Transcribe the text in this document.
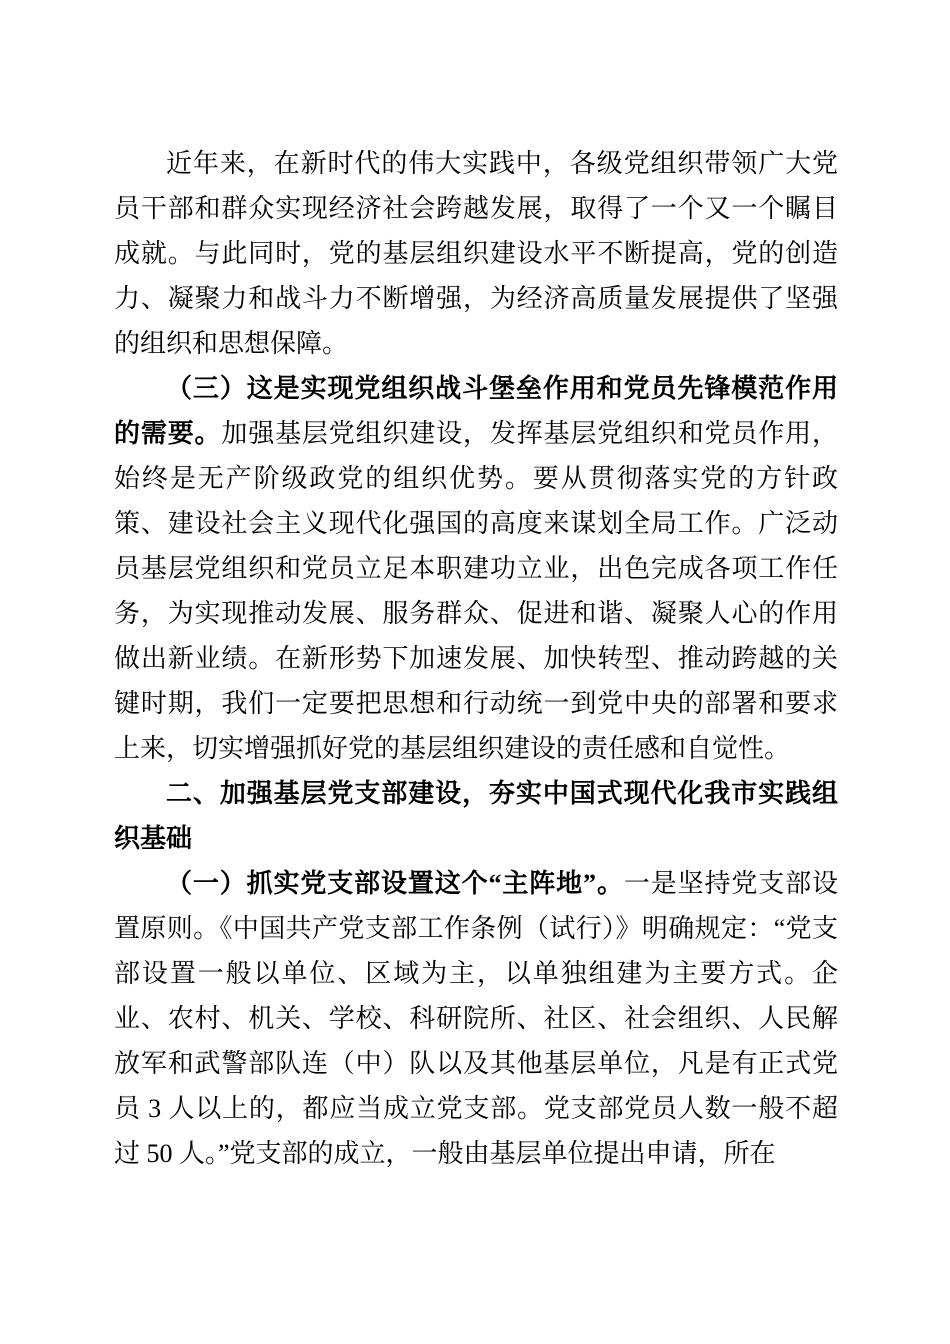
近年来，在新时代的伟大实践中，各级党组织带领广大党员干部和群众实现经济社会跨越发展，取得了一个又一个瞩目成就。与此同时，党的基层组织建设水平不断提高，党的创造力、凝聚力和战斗力不断增强，为经济高质量发展提供了坚强的组织和思想保障。

（三）这是实现党组织战斗堡垒作用和党员先锋模范作用的需要。加强基层党组织建设，发挥基层党组织和党员作用，始终是无产阶级政党的组织优势。要从贯彻落实党的方针政策、建设社会主义现代化强国的高度来谋划全局工作。广泛动员基层党组织和党员立足本职建功立业，出色完成各项工作任务，为实现推动发展、服务群众、促进和谐、凝聚人心的作用做出新业绩。在新形势下加速发展、加快转型、推动跨越的关键时期，我们一定要把思想和行动统一到党中央的部署和要求上来，切实增强抓好党的基层组织建设的责任感和自觉性。

二、加强基层党支部建设，夯实中国式现代化我市实践组织基础

（一）抓实党支部设置这个“主阵地”。一是坚持党支部设置原则。《中国共产党支部工作条例（试行）》明确规定：“党支部设置一般以单位、区域为主，以单独组建为主要方式。企业、农村、机关、学校、科研院所、社区、社会组织、人民解放军和武警部队连（中）队以及其他基层单位，凡是有正式党员 3 人以上的，都应当成立党支部。党支部党员人数一般不超过 50 人。”党支部的成立，一般由基层单位提出申请，所在
